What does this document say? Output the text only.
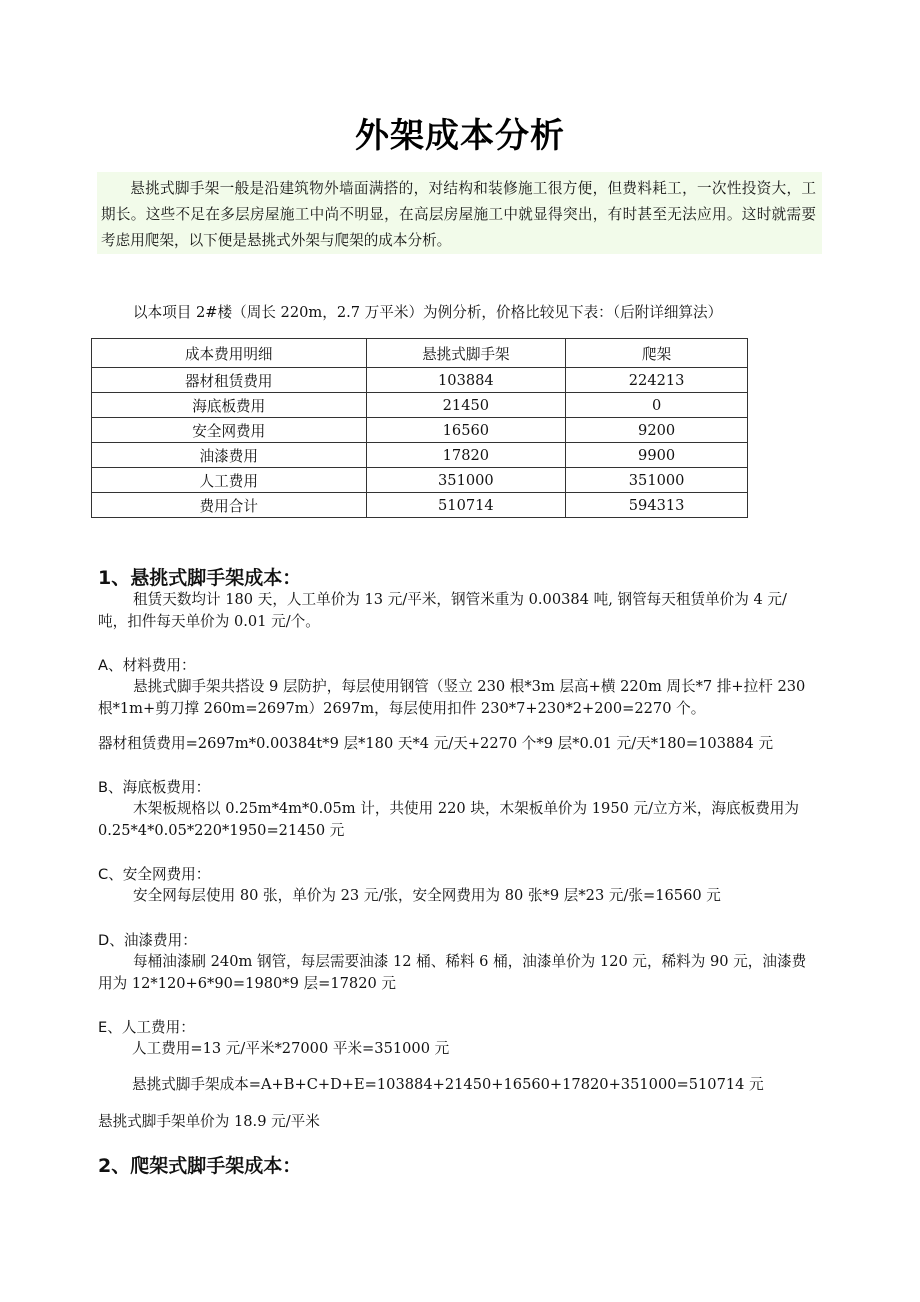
外架成本分析

悬挑式脚手架一般是沿建筑物外墙面满搭的，对结构和装修施工很方便，但费料耗工，一次性投资大，工期长。这些不足在多层房屋施工中尚不明显，在高层房屋施工中就显得突出，有时甚至无法应用。这时就需要考虑用爬架，以下便是悬挑式外架与爬架的成本分析。

以本项目 2#楼（周长 220m，2.7 万平米）为例分析，价格比较见下表：（后附详细算法）
成本费用明细	悬挑式脚手架	爬架
器材租赁费用	103884	224213
海底板费用	21450	0
安全网费用	16560	9200
油漆费用	17820	9900
人工费用	351000	351000
费用合计	510714	594313
1、悬挑式脚手架成本：

租赁天数均计 180 天，人工单价为 13 元/平米，钢管米重为 0.00384 吨, 钢管每天租赁单价为 4 元/吨，扣件每天单价为 0.01 元/个。

A、材料费用：

悬挑式脚手架共搭设 9 层防护，每层使用钢管（竖立 230 根*3m 层高+横 220m 周长*7 排+拉杆 230 根*1m+剪刀撑 260m=2697m）2697m，每层使用扣件 230*7+230*2+200=2270 个。

器材租赁费用=2697m*0.00384t*9 层*180 天*4 元/天+2270 个*9 层*0.01 元/天*180=103884 元

B、海底板费用：

木架板规格以 0.25m*4m*0.05m 计，共使用 220 块，木架板单价为 1950 元/立方米，海底板费用为 0.25*4*0.05*220*1950=21450 元

C、安全网费用：

安全网每层使用 80 张，单价为 23 元/张，安全网费用为 80 张*9 层*23 元/张=16560 元

D、油漆费用：

每桶油漆刷 240m 钢管，每层需要油漆 12 桶、稀料 6 桶，油漆单价为 120 元，稀料为 90 元，油漆费用为 12*120+6*90=1980*9 层=17820 元

E、人工费用：

人工费用=13 元/平米*27000 平米=351000 元

悬挑式脚手架成本=A+B+C+D+E=103884+21450+16560+17820+351000=510714 元

悬挑式脚手架单价为 18.9 元/平米

2、爬架式脚手架成本：
